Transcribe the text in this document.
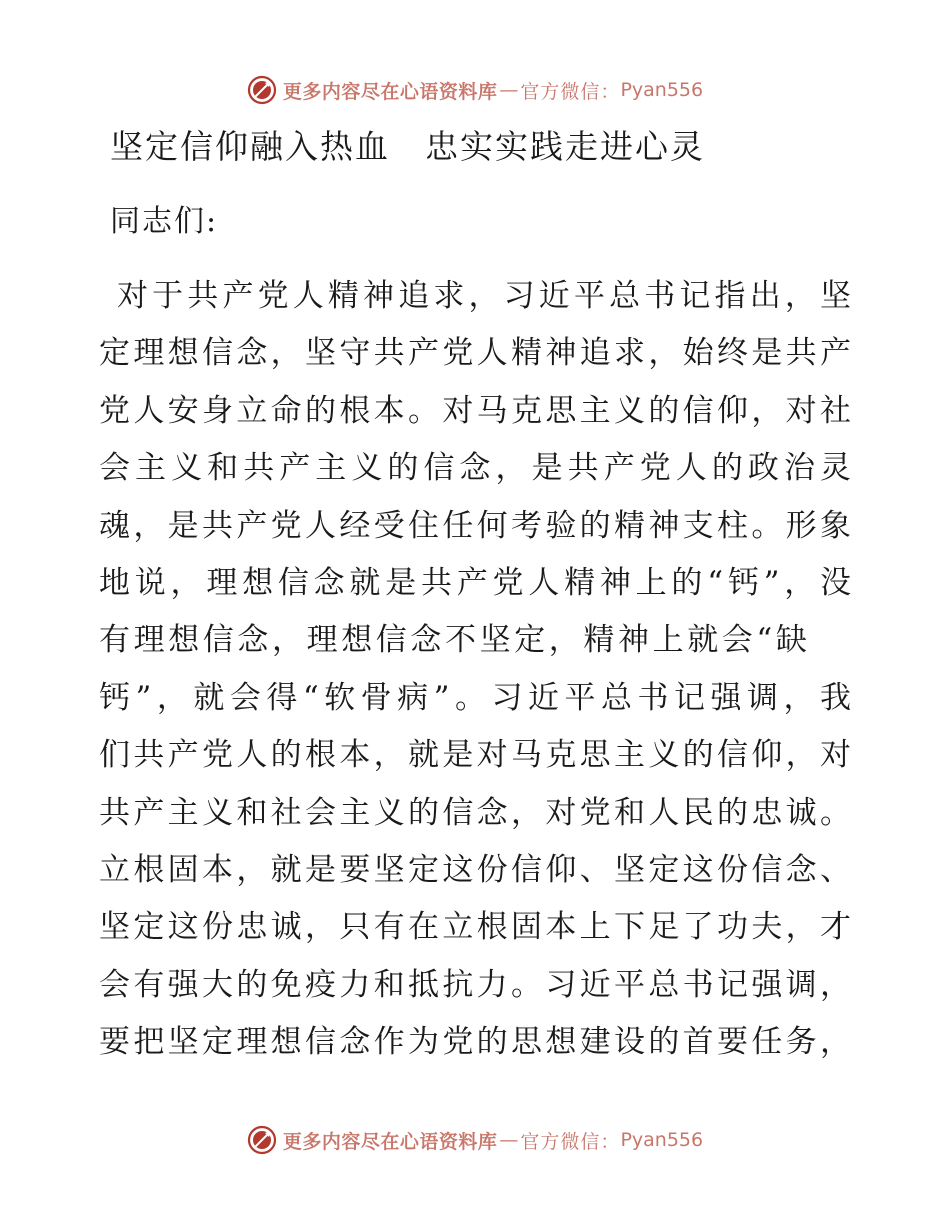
更多内容尽在心语资料库 — 官方微信： Pyan556
坚定信仰融入热血　忠实实践走进心灵

同志们:

对于共产党人精神追求，习近平总书记指出，坚
定理想信念，坚守共产党人精神追求，始终是共产
党人安身立命的根本。对马克思主义的信仰，对社
会主义和共产主义的信念，是共产党人的政治灵
魂，是共产党人经受住任何考验的精神支柱。形象
地说，理想信念就是共产党人精神上的“钙”，没
有理想信念，理想信念不坚定，精神上就会“缺
钙”，就会得“软骨病”。习近平总书记强调，我
们共产党人的根本，就是对马克思主义的信仰，对
共产主义和社会主义的信念，对党和人民的忠诚。
立根固本，就是要坚定这份信仰、坚定这份信念、
坚定这份忠诚，只有在立根固本上下足了功夫，才
会有强大的免疫力和抵抗力。习近平总书记强调，
要把坚定理想信念作为党的思想建设的首要任务，
更多内容尽在心语资料库 — 官方微信： Pyan556
